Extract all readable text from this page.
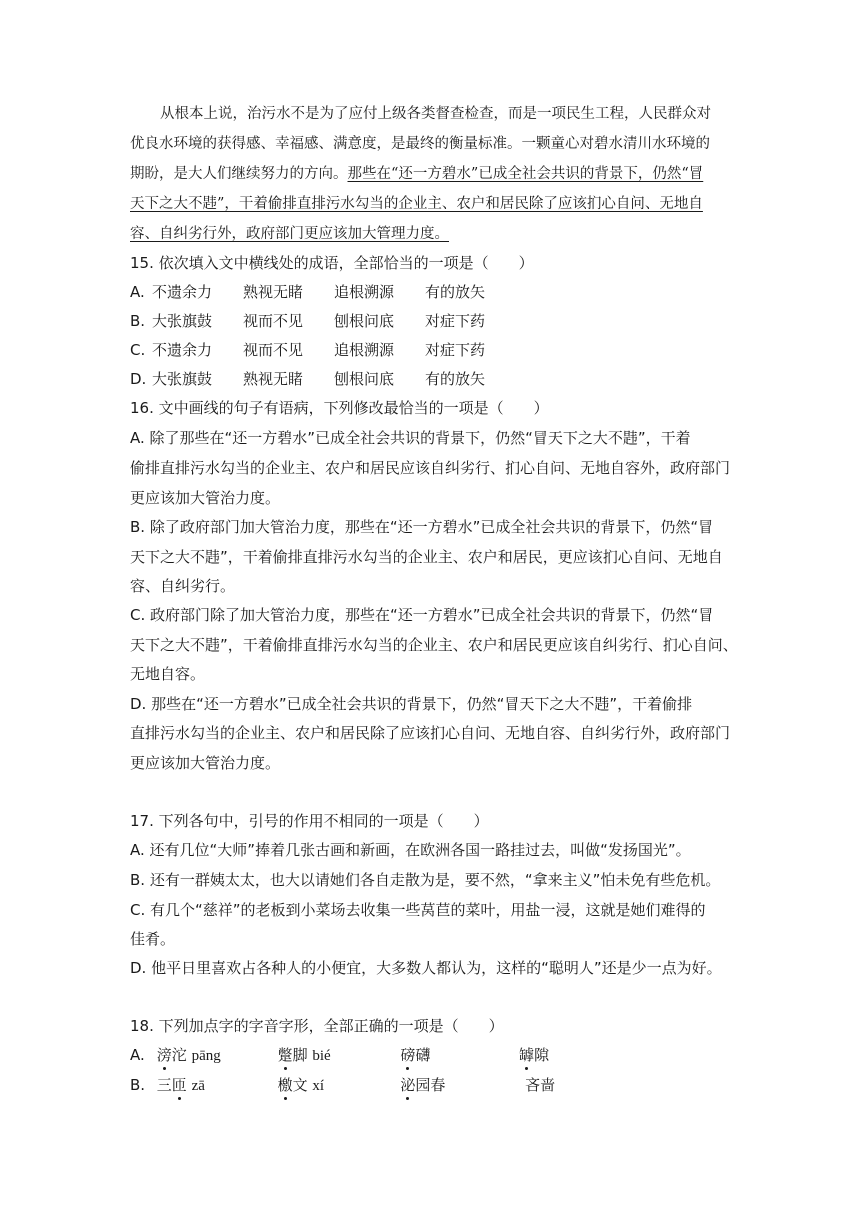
从根本上说，治污水不是为了应付上级各类督查检查，而是一项民生工程，人民群众对
优良水环境的获得感、幸福感、满意度，是最终的衡量标准。一颗童心对碧水清川水环境的
期盼，是大人们继续努力的方向。那些在“还一方碧水”已成全社会共识的背景下，仍然“冒
天下之大不韪”，干着偷排直排污水勾当的企业主、农户和居民除了应该扪心自问、无地自
容、自纠劣行外，政府部门更应该加大管理力度。
15. 依次填入文中横线处的成语，全部恰当的一项是（　　）
A. 不遗余力 熟视无睹 追根溯源 有的放矢
B. 大张旗鼓 视而不见 刨根问底 对症下药
C. 不遗余力 视而不见 追根溯源 对症下药
D. 大张旗鼓 熟视无睹 刨根问底 有的放矢
16. 文中画线的句子有语病，下列修改最恰当的一项是（　　）
A. 除了那些在“还一方碧水”已成全社会共识的背景下，仍然“冒天下之大不韪”，干着
偷排直排污水勾当的企业主、农户和居民应该自纠劣行、扪心自问、无地自容外，政府部门
更应该加大管治力度。
B. 除了政府部门加大管治力度，那些在“还一方碧水”已成全社会共识的背景下，仍然“冒
天下之大不韪”，干着偷排直排污水勾当的企业主、农户和居民，更应该扪心自问、无地自
容、自纠劣行。
C. 政府部门除了加大管治力度，那些在“还一方碧水”已成全社会共识的背景下，仍然“冒
天下之大不韪”，干着偷排直排污水勾当的企业主、农户和居民更应该自纠劣行、扪心自问、
无地自容。
D. 那些在“还一方碧水”已成全社会共识的背景下，仍然“冒天下之大不韪”，干着偷排
直排污水勾当的企业主、农户和居民除了应该扪心自问、无地自容、自纠劣行外，政府部门
更应该加大管治力度。
17. 下列各句中，引号的作用不相同的一项是（　　）
A. 还有几位“大师”捧着几张古画和新画，在欧洲各国一路挂过去，叫做“发扬国光”。
B. 还有一群姨太太，也大以请她们各自走散为是，要不然，“拿来主义”怕未免有些危机。
C. 有几个“慈祥”的老板到小菜场去收集一些莴苣的菜叶，用盐一浸，这就是她们难得的
佳肴。
D. 他平日里喜欢占各种人的小便宜，大多数人都认为，这样的“聪明人”还是少一点为好。
18. 下列加点字的字音字形，全部正确的一项是（　　）
A. 滂沱 pāng	蹩脚 bié	磅礴	罅隙
B. 三匝 zā	檄文 xí	泌园春	吝啬
